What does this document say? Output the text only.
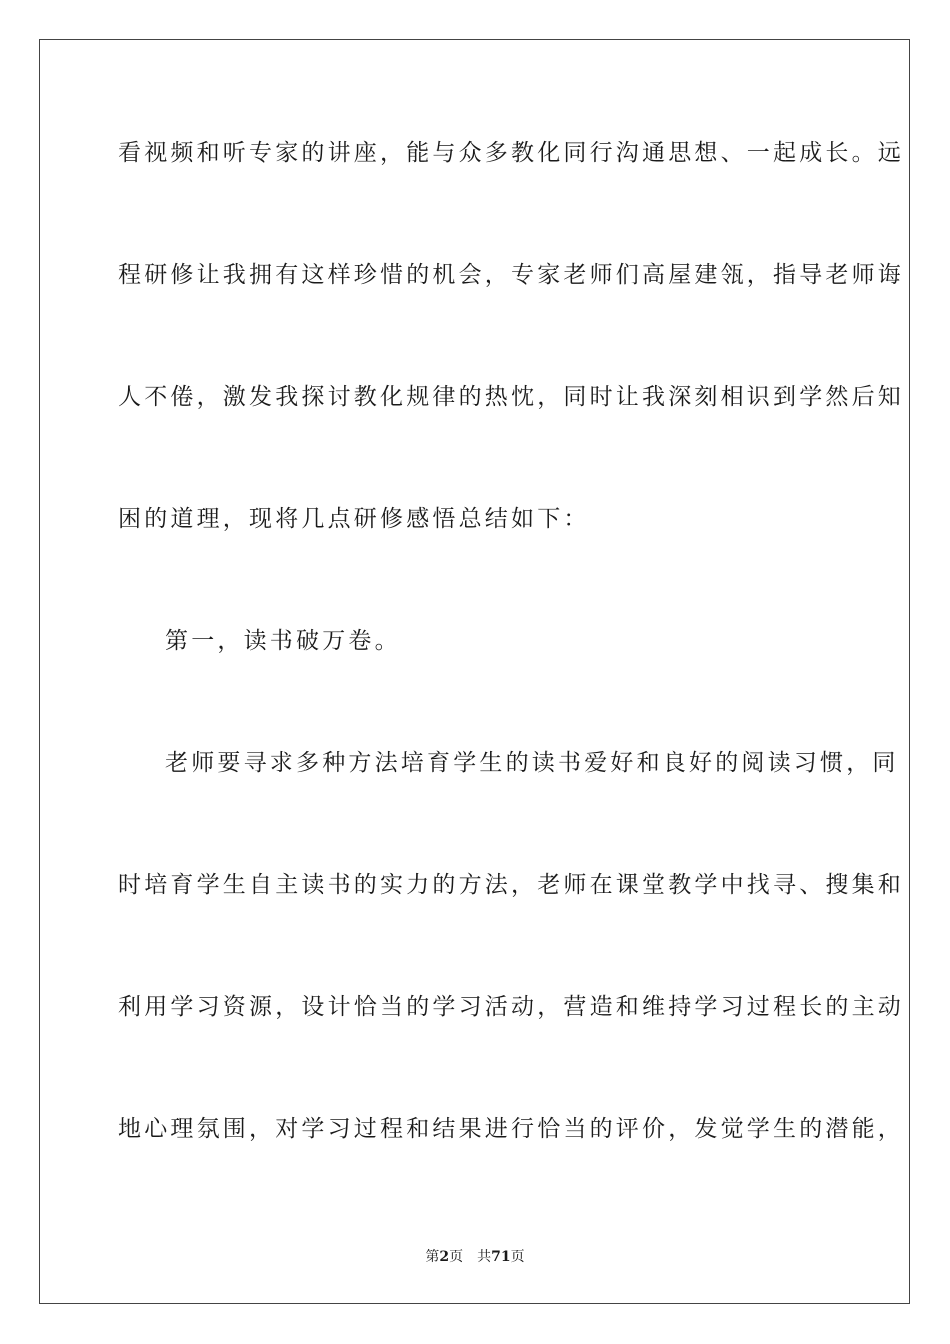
看视频和听专家的讲座，能与众多教化同行沟通思想、一起成长。远
程研修让我拥有这样珍惜的机会，专家老师们高屋建瓴，指导老师诲
人不倦，激发我探讨教化规律的热忱，同时让我深刻相识到学然后知
困的道理，现将几点研修感悟总结如下：
第一，读书破万卷。
老师要寻求多种方法培育学生的读书爱好和良好的阅读习惯，同
时培育学生自主读书的实力的方法，老师在课堂教学中找寻、搜集和
利用学习资源，设计恰当的学习活动，营造和维持学习过程长的主动
地心理氛围，对学习过程和结果进行恰当的评价，发觉学生的潜能，
第2页 共71页
